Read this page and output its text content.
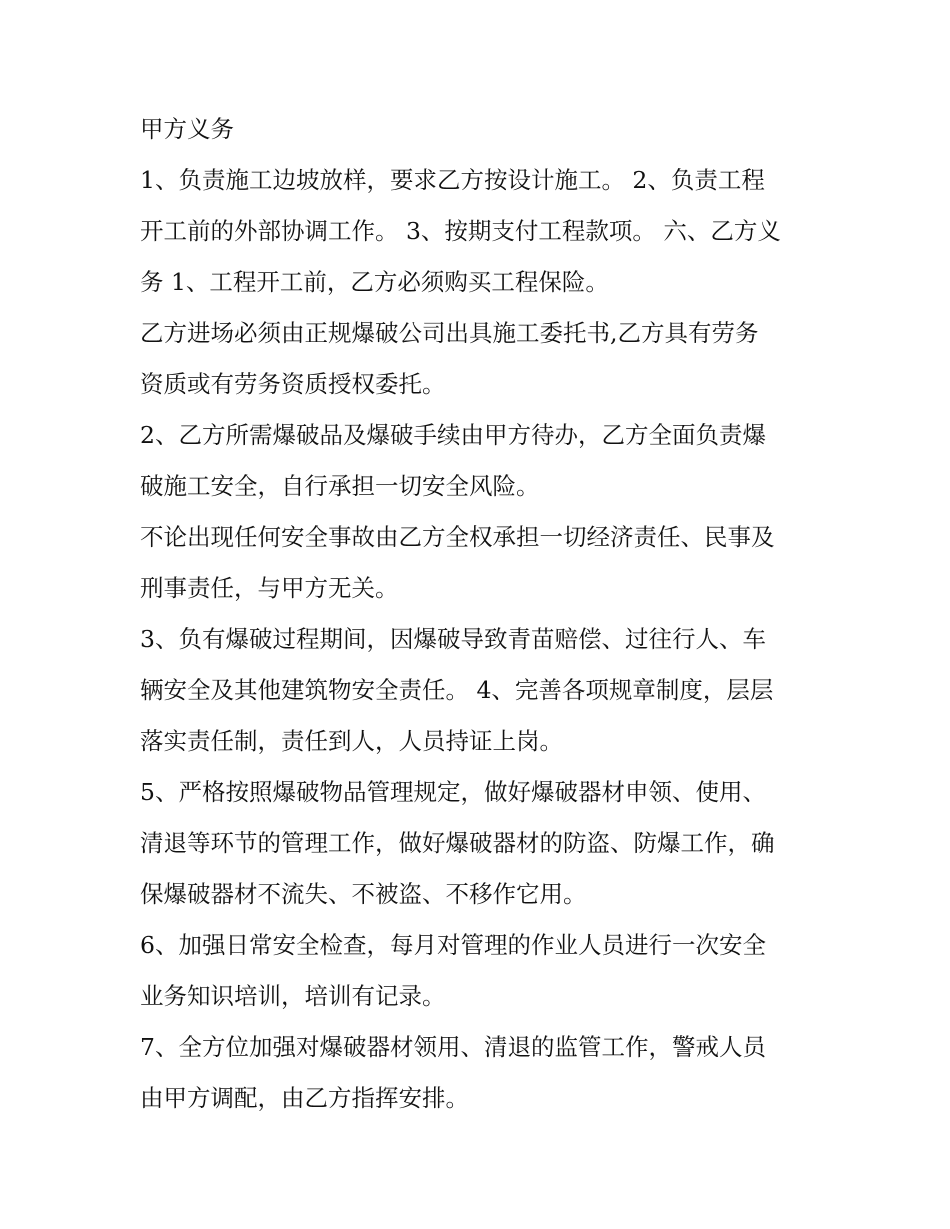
甲方义务

1、负责施工边坡放样，要求乙方按设计施工。 2、负责工程
开工前的外部协调工作。 3、按期支付工程款项。 六、乙方义
务 1、工程开工前，乙方必须购买工程保险。

乙方进场必须由正规爆破公司出具施工委托书,乙方具有劳务
资质或有劳务资质授权委托。

2、乙方所需爆破品及爆破手续由甲方待办，乙方全面负责爆
破施工安全，自行承担一切安全风险。

不论出现任何安全事故由乙方全权承担一切经济责任、民事及
刑事责任，与甲方无关。

3、负有爆破过程期间，因爆破导致青苗赔偿、过往行人、车
辆安全及其他建筑物安全责任。 4、完善各项规章制度，层层
落实责任制，责任到人，人员持证上岗。

5、严格按照爆破物品管理规定，做好爆破器材申领、使用、
清退等环节的管理工作，做好爆破器材的防盗、防爆工作，确
保爆破器材不流失、不被盗、不移作它用。

6、加强日常安全检查，每月对管理的作业人员进行一次安全
业务知识培训，培训有记录。

7、全方位加强对爆破器材领用、清退的监管工作，警戒人员
由甲方调配，由乙方指挥安排。
